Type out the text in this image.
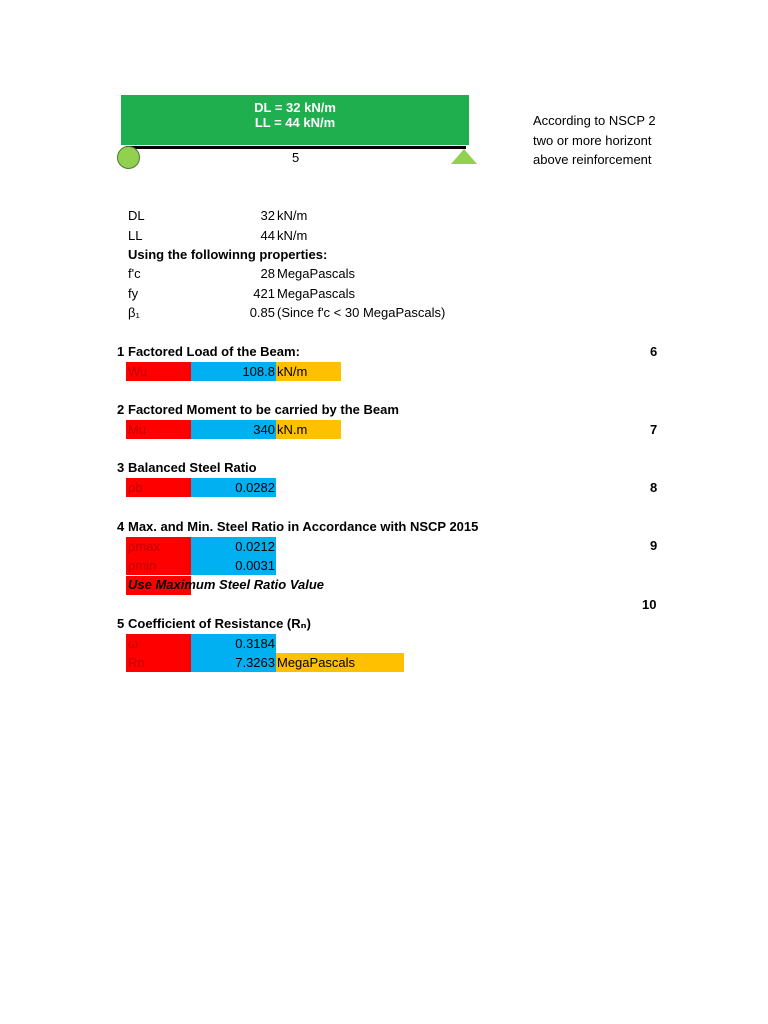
DL = 32 kN/m
LL = 44 kN/m
5
According to NSCP 2
two or more horizont
above reinforcement
DL	32 kN/m
LL	44 kN/m
Using the followinng properties:
f'c	28 MegaPascals
fy	421 MegaPascals
β₁	0.85 (Since f'c < 30 MegaPascals)
1 Factored Load of the Beam:
Wu	108.8 kN/m
6
2 Factored Moment to be carried by the Beam
Mu	340 kN.m	7
3 Balanced Steel Ratio
ρb	0.0282	8
4 Max. and Min. Steel Ratio in Accordance with NSCP 2015
ρmax	0.0212
ρmin	0.0031
9
Use Maximum Steel Ratio Value
10
5 Coefficient of Resistance (Rₙ)
ω	0.3184
Rn	7.3263 MegaPascals
